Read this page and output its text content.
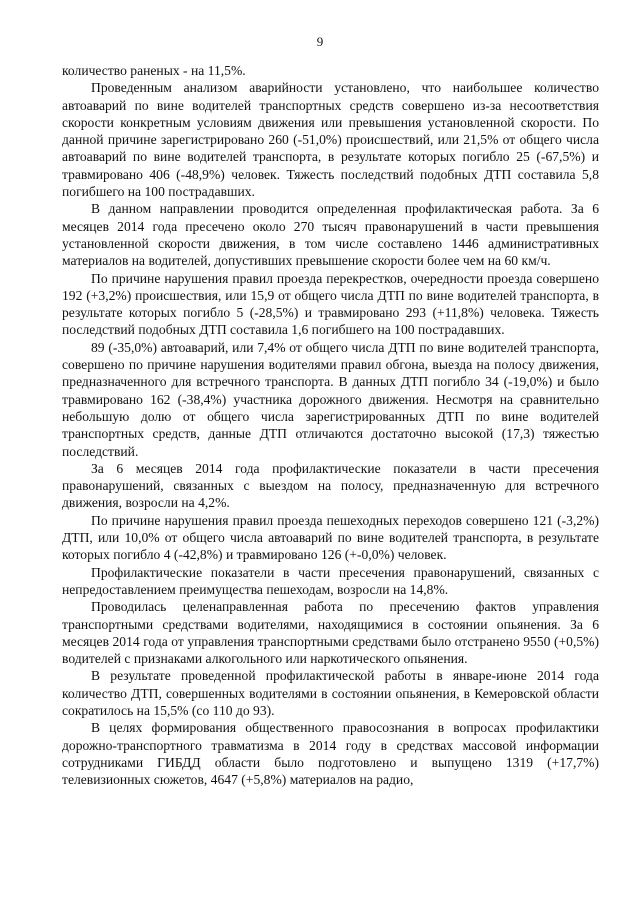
9

количество раненых - на 11,5%.

Проведенным анализом аварийности установлено, что наибольшее количество автоаварий по вине водителей транспортных средств совершено из-за несоответствия скорости конкретным условиям движения или превышения установленной скорости. По данной причине зарегистрировано 260 (-51,0%) происшествий, или 21,5% от общего числа автоаварий по вине водителей транспорта, в результате которых погибло 25 (-67,5%) и травмировано 406 (-48,9%) человек. Тяжесть последствий подобных ДТП составила 5,8 погибшего на 100 пострадавших.

В данном направлении проводится определенная профилактическая работа. За 6 месяцев 2014 года пресечено около 270 тысяч правонарушений в части превышения установленной скорости движения, в том числе составлено 1446 административных материалов на водителей, допустивших превышение скорости более чем на 60 км/ч.

По причине нарушения правил проезда перекрестков, очередности проезда совершено 192 (+3,2%) происшествия, или 15,9 от общего числа ДТП по вине водителей транспорта, в результате которых погибло 5 (-28,5%) и травмировано 293 (+11,8%) человека. Тяжесть последствий подобных ДТП составила 1,6 погибшего на 100 пострадавших.

89 (-35,0%) автоаварий, или 7,4% от общего числа ДТП по вине водителей транспорта, совершено по причине нарушения водителями правил обгона, выезда на полосу движения, предназначенного для встречного транспорта. В данных ДТП погибло 34 (-19,0%) и было травмировано 162 (-38,4%) участника дорожного движения. Несмотря на сравнительно небольшую долю от общего числа зарегистрированных ДТП по вине водителей транспортных средств, данные ДТП отличаются достаточно высокой (17,3) тяжестью последствий.

За 6 месяцев 2014 года профилактические показатели в части пресечения правонарушений, связанных с выездом на полосу, предназначенную для встречного движения, возросли на 4,2%.

По причине нарушения правил проезда пешеходных переходов совершено 121 (-3,2%) ДТП, или 10,0% от общего числа автоаварий по вине водителей транспорта, в результате которых погибло 4 (-42,8%) и травмировано 126 (+-0,0%) человек.

Профилактические показатели в части пресечения правонарушений, связанных с непредоставлением преимущества пешеходам, возросли на 14,8%.

Проводилась целенаправленная работа по пресечению фактов управления транспортными средствами водителями, находящимися в состоянии опьянения. За 6 месяцев 2014 года от управления транспортными средствами было отстранено 9550 (+0,5%) водителей с признаками алкогольного или наркотического опьянения.

В результате проведенной профилактической работы в январе-июне 2014 года количество ДТП, совершенных водителями в состоянии опьянения, в Кемеровской области сократилось на 15,5% (со 110 до 93).

В целях формирования общественного правосознания в вопросах профилактики дорожно-транспортного травматизма в 2014 году в средствах массовой информации сотрудниками ГИБДД области было подготовлено и выпущено 1319 (+17,7%) телевизионных сюжетов, 4647 (+5,8%) материалов на радио,
